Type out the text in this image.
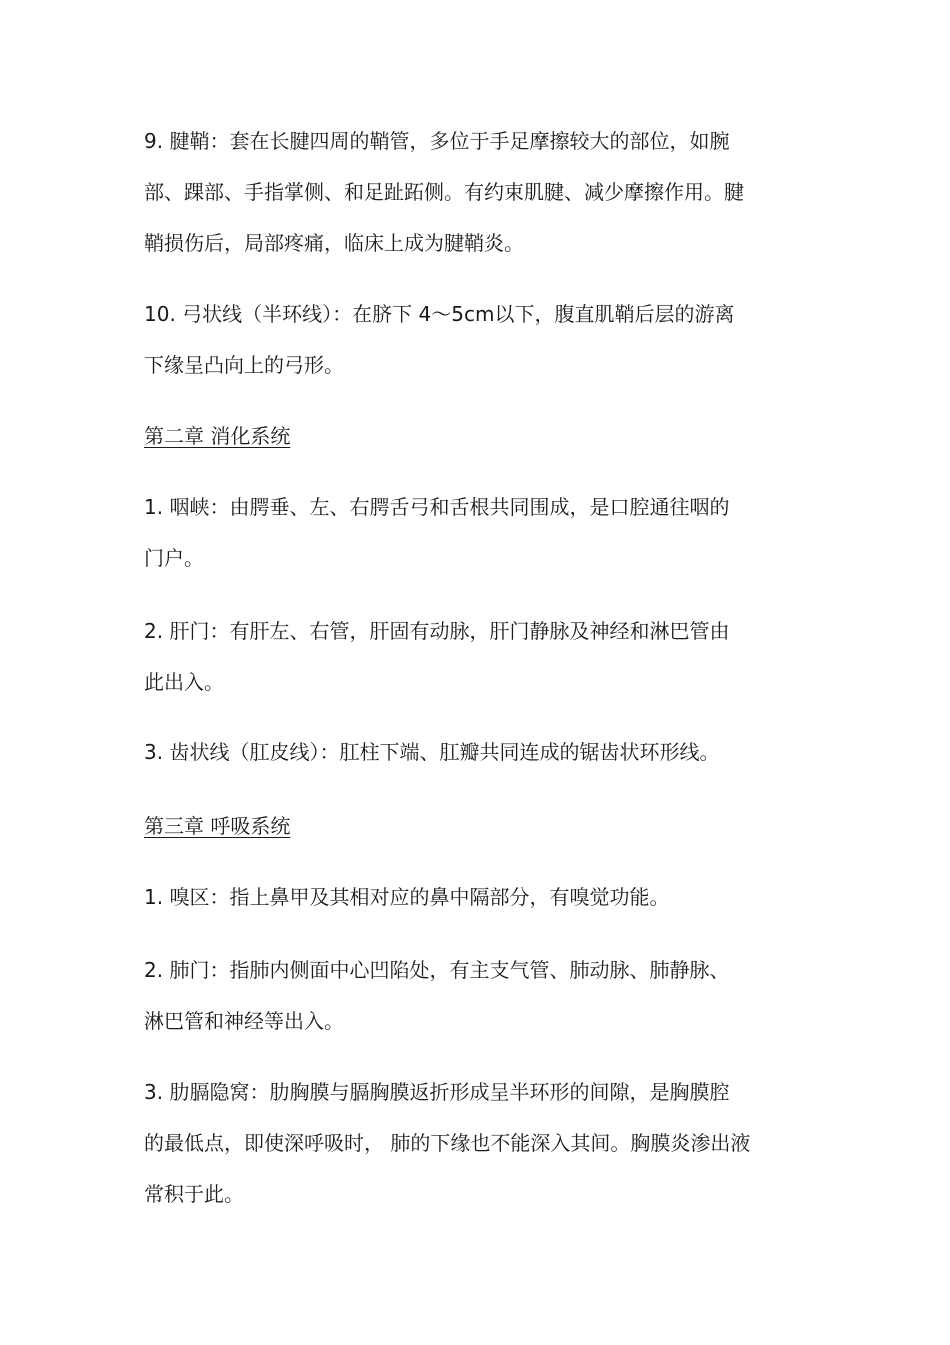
9. 腱鞘：套在长腱四周的鞘管，多位于手足摩擦较大的部位，如腕
部、踝部、手指掌侧、和足趾跖侧。有约束肌腱、减少摩擦作用。腱
鞘损伤后，局部疼痛，临床上成为腱鞘炎。
10. 弓状线（半环线）：在脐下 4～5cm以下，腹直肌鞘后层的游离
下缘呈凸向上的弓形。
第二章 消化系统
1. 咽峡：由腭垂、左、右腭舌弓和舌根共同围成，是口腔通往咽的
门户。
2. 肝门：有肝左、右管，肝固有动脉，肝门静脉及神经和淋巴管由
此出入。
3. 齿状线（肛皮线）：肛柱下端、肛瓣共同连成的锯齿状环形线。
第三章 呼吸系统
1. 嗅区：指上鼻甲及其相对应的鼻中隔部分，有嗅觉功能。
2. 肺门：指肺内侧面中心凹陷处，有主支气管、肺动脉、肺静脉、
淋巴管和神经等出入。
3. 肋膈隐窝：肋胸膜与膈胸膜返折形成呈半环形的间隙，是胸膜腔
的最低点，即使深呼吸时， 肺的下缘也不能深入其间。胸膜炎渗出液
常积于此。
